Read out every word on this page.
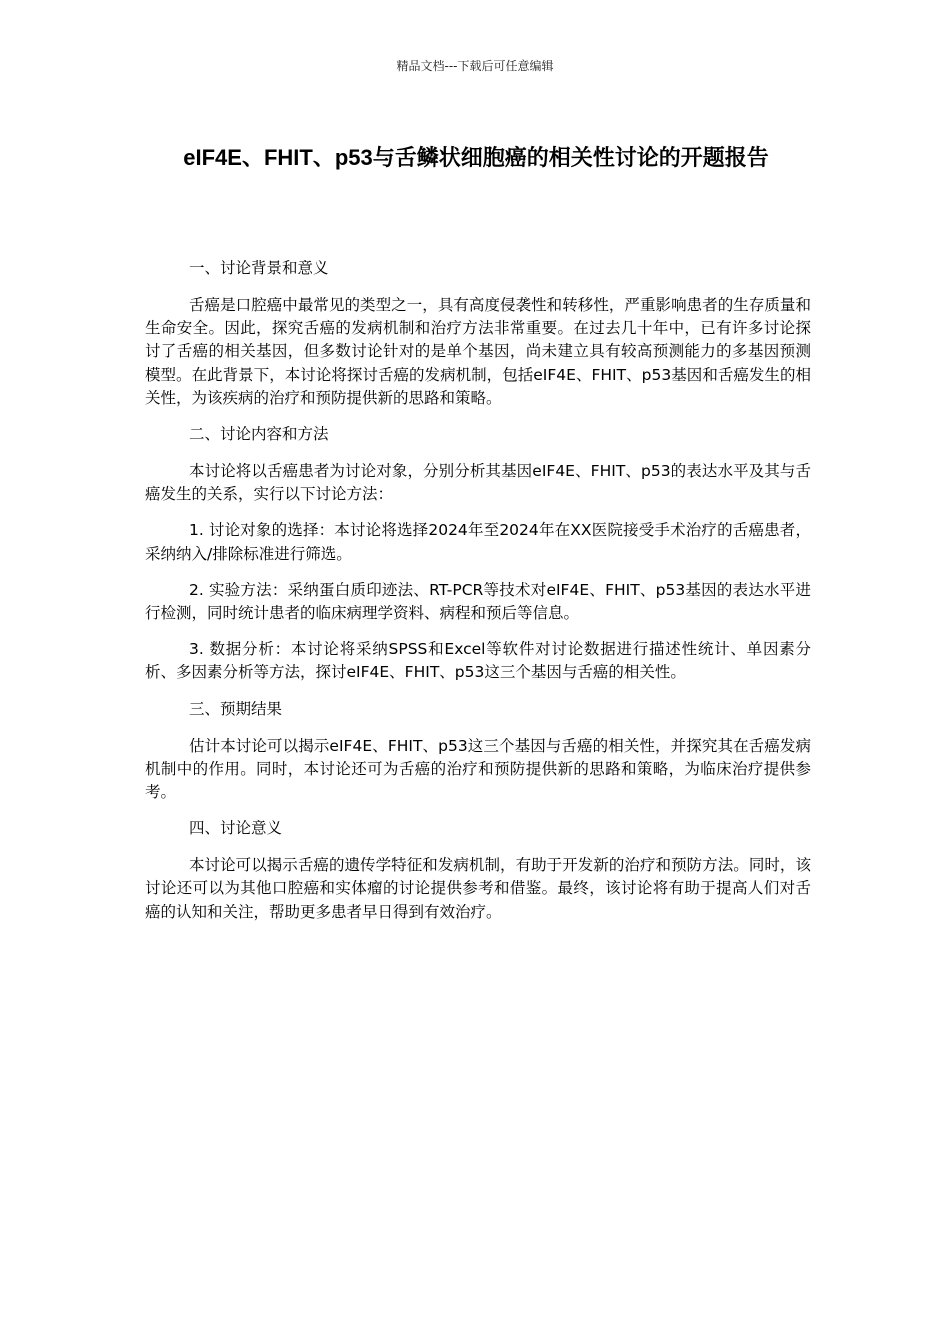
精品文档---下载后可任意编辑
eIF4E、FHIT、p53与舌鳞状细胞癌的相关性讨论的开题报告
一、讨论背景和意义

舌癌是口腔癌中最常见的类型之一，具有高度侵袭性和转移性，严重影响患者的生存质量和生命安全。因此，探究舌癌的发病机制和治疗方法非常重要。在过去几十年中，已有许多讨论探讨了舌癌的相关基因，但多数讨论针对的是单个基因，尚未建立具有较高预测能力的多基因预测模型。在此背景下，本讨论将探讨舌癌的发病机制，包括eIF4E、FHIT、p53基因和舌癌发生的相关性，为该疾病的治疗和预防提供新的思路和策略。

二、讨论内容和方法

本讨论将以舌癌患者为讨论对象，分别分析其基因eIF4E、FHIT、p53的表达水平及其与舌癌发生的关系，实行以下讨论方法：

1. 讨论对象的选择：本讨论将选择2024年至2024年在XX医院接受手术治疗的舌癌患者，采纳纳入/排除标准进行筛选。

2. 实验方法：采纳蛋白质印迹法、RT-PCR等技术对eIF4E、FHIT、p53基因的表达水平进行检测，同时统计患者的临床病理学资料、病程和预后等信息。

3. 数据分析：本讨论将采纳SPSS和Excel等软件对讨论数据进行描述性统计、单因素分析、多因素分析等方法，探讨eIF4E、FHIT、p53这三个基因与舌癌的相关性。

三、预期结果

估计本讨论可以揭示eIF4E、FHIT、p53这三个基因与舌癌的相关性，并探究其在舌癌发病机制中的作用。同时，本讨论还可为舌癌的治疗和预防提供新的思路和策略，为临床治疗提供参考。

四、讨论意义

本讨论可以揭示舌癌的遗传学特征和发病机制，有助于开发新的治疗和预防方法。同时，该讨论还可以为其他口腔癌和实体瘤的讨论提供参考和借鉴。最终，该讨论将有助于提高人们对舌癌的认知和关注，帮助更多患者早日得到有效治疗。
